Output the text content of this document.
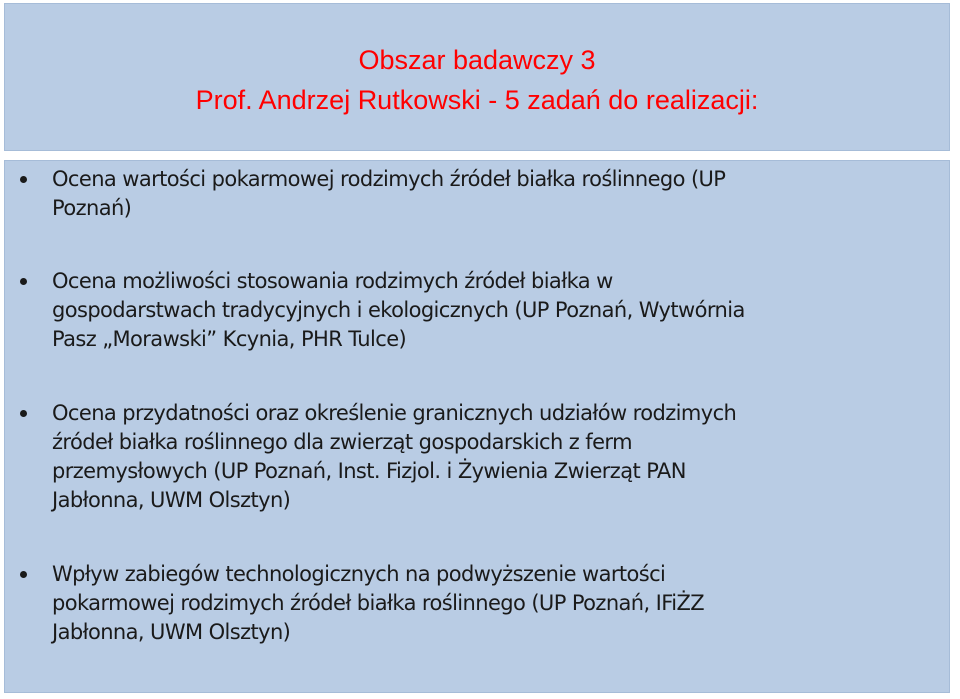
Obszar badawczy 3
Prof. Andrzej Rutkowski - 5 zadań do realizacji:
Ocena wartości pokarmowej rodzimych źródeł białka roślinnego (UP
Poznań)
Ocena możliwości stosowania rodzimych źródeł białka w
gospodarstwach tradycyjnych i ekologicznych (UP Poznań, Wytwórnia
Pasz „Morawski” Kcynia, PHR Tulce)
Ocena przydatności oraz określenie granicznych udziałów rodzimych
źródeł białka roślinnego dla zwierząt gospodarskich z ferm
przemysłowych (UP Poznań, Inst. Fizjol. i Żywienia Zwierząt PAN
Jabłonna, UWM Olsztyn)
Wpływ zabiegów technologicznych na podwyższenie wartości
pokarmowej rodzimych źródeł białka roślinnego (UP Poznań, IFiŻZ
Jabłonna, UWM Olsztyn)
